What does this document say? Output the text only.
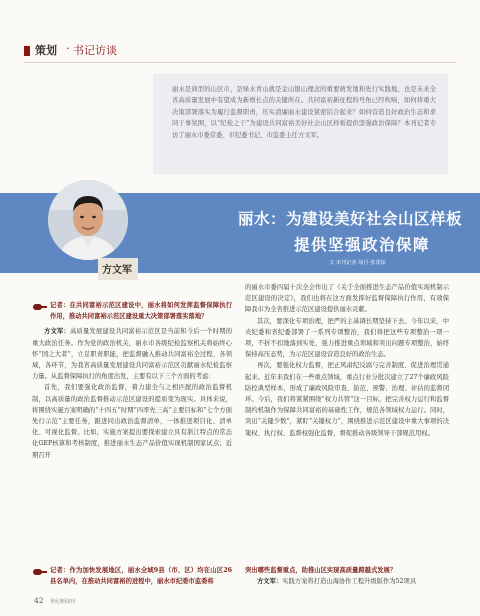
策划 · 书记访谈
丽水是典型的山区市，是绿水青山就是金山银山理念的重要萌发地和先行实践地，也是未来全省高质量发展中有望成为新增长点的关键所在。共同富裕新征程的号角已经吹响，如何将重大决策部署落实为履行监督职责，压实清廉丽水建设紧密结合起来？如何营造良好政治生态和求同干事氛围，以“纪检之干”为建设共同富裕美好社会山区样板提供坚强政治保障？本刊记者专访了丽水市委常委、市纪委书记、市监委主任方文军。
丽水：为建设美好社会山区样板
提供坚强政治保障
文 本刊记者 胡丹 张羡炫
方文军

记者：在共同富裕示范区建设中，丽水将如何发挥监督保障执行作用，推动共同富裕示范区建设重大决策部署落实落地？

方文军：高质量发展建设共同富裕示范区是当前和今后一个时期的重大政治任务。作为党的政治机关，丽水市各级纪检监察机关将始终心怀“国之大者”，立足职责职能，把监督融入推动共同富裕全过程、各领域，各环节，为我省高质量发展建设共同富裕示范区贡献丽水纪检监察力量。从监督保障执行的角度出发，主要有以下三个方面的考虑：

首先，我们要强化政治监督，着力建全与之相匹配的政治监督机制，以高质量的政治监督推动示范区建设的提质变为现实。具体来说，将围绕实施方案明确的“十四五”时期“四率先三高”主要目标和“七个方面先行示范”主要任务，跟进同出政治监督清单，一体推进项目化、清单化、可视化监督。比如，实施方案提出要探索建立具有浙江特点的常态化GEP核算和考核制度，推进丽水生态产品价值实现机制国家试点；近期召开

的丽水市委四届十次全会作出了《关于全面推进生态产品价值实现机制示范区建设的决定》，我们也将在这方面发挥好监督保障执行作用，有效保障我市为全省推进示范区建设提供丽水贡献。

其次，要深化专项治理，把严的主基调长期坚持下去。今年以来，中央纪委和省纪委部署了一系列专项整治，我们将把这些专项整治一项一项，不折不扣地落到实处，强力推进重点领域和突出问题专项整治，始终保持高压态势，为示范区建设营造良好的政治生态。

再次，要强化权力监督，把正风肃纪反腐与完善制度、促进治理贯通起来。近年来我们在一些重点领域，重点行业分批次建立了27个廉政风险防控典型样本，形成了廉政风险审查、防范、预警、治理、评估的监督闭环。今后，我们将紧紧围绕“权力共管”这一目标，把完善权力运行和监督制约机制作为保障共同富裕的基础性工作，规范各领域权力运行。同时，突出“关键少数”，紧盯“关键权力”，围绕推进示范区建设中重大事项的决策权、执行权、监督权强化监督，督促推动各级领导干部规范用权。

记者：作为加快发展地区，丽水全域9县（市、区）均在山区26县名单内，在推动共同富裕的进程中，丽水市纪委市监委将

突出哪些监督重点，助推山区实现高质量跨越式发展？

方文军：实践方案将打造山海协作工程升级版作为52项具

42 世纪新闻刊
